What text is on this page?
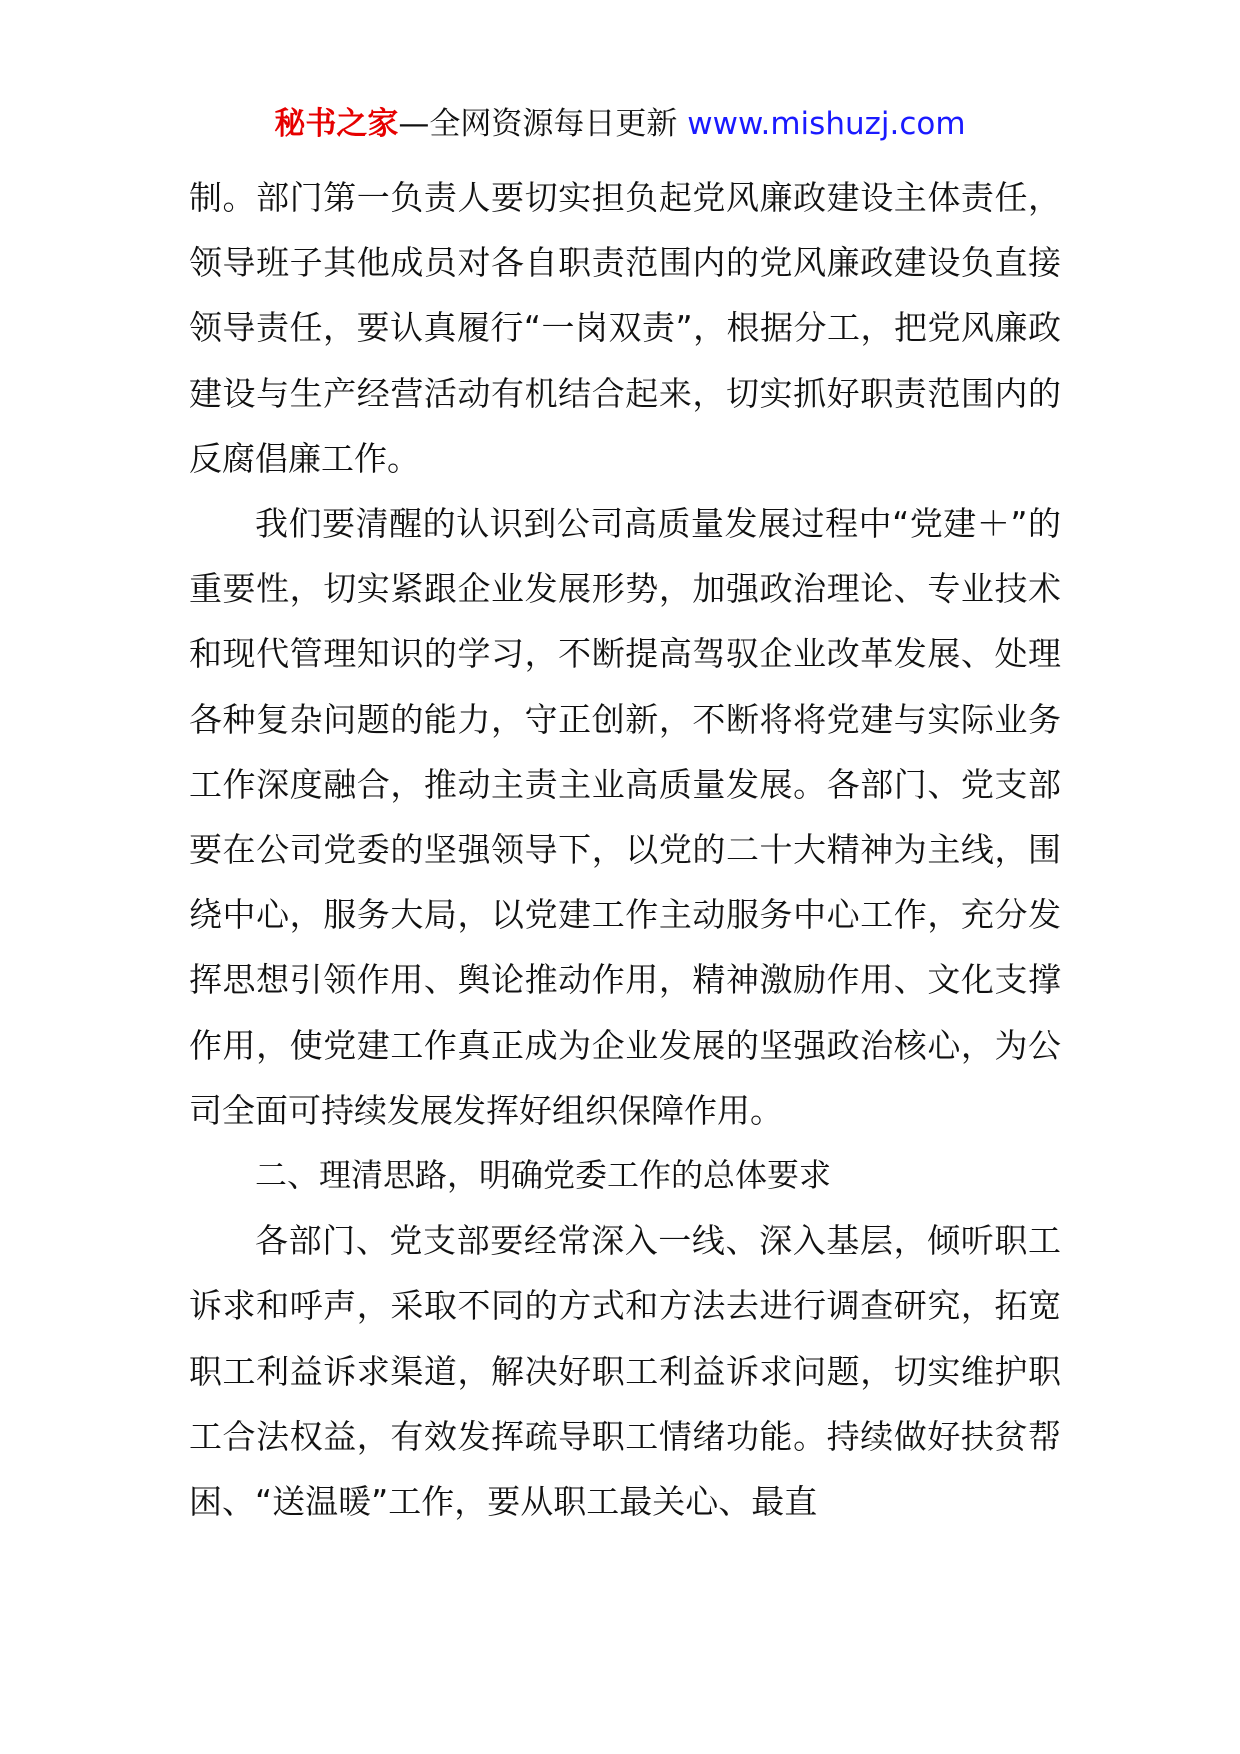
秘书之家—全网资源每日更新 www.mishuzj.com

制。部门第一负责人要切实担负起党风廉政建设主体责任，领导班子其他成员对各自职责范围内的党风廉政建设负直接领导责任，要认真履行“一岗双责”，根据分工，把党风廉政建设与生产经营活动有机结合起来，切实抓好职责范围内的反腐倡廉工作。

我们要清醒的认识到公司高质量发展过程中“党建＋”的重要性，切实紧跟企业发展形势，加强政治理论、专业技术和现代管理知识的学习，不断提高驾驭企业改革发展、处理各种复杂问题的能力，守正创新，不断将将党建与实际业务工作深度融合，推动主责主业高质量发展。各部门、党支部要在公司党委的坚强领导下，以党的二十大精神为主线，围绕中心，服务大局，以党建工作主动服务中心工作，充分发挥思想引领作用、舆论推动作用，精神激励作用、文化支撑作用，使党建工作真正成为企业发展的坚强政治核心，为公司全面可持续发展发挥好组织保障作用。

二、理清思路，明确党委工作的总体要求

各部门、党支部要经常深入一线、深入基层，倾听职工诉求和呼声，采取不同的方式和方法去进行调查研究，拓宽职工利益诉求渠道，解决好职工利益诉求问题，切实维护职工合法权益，有效发挥疏导职工情绪功能。持续做好扶贫帮困、“送温暖”工作，要从职工最关心、最直
